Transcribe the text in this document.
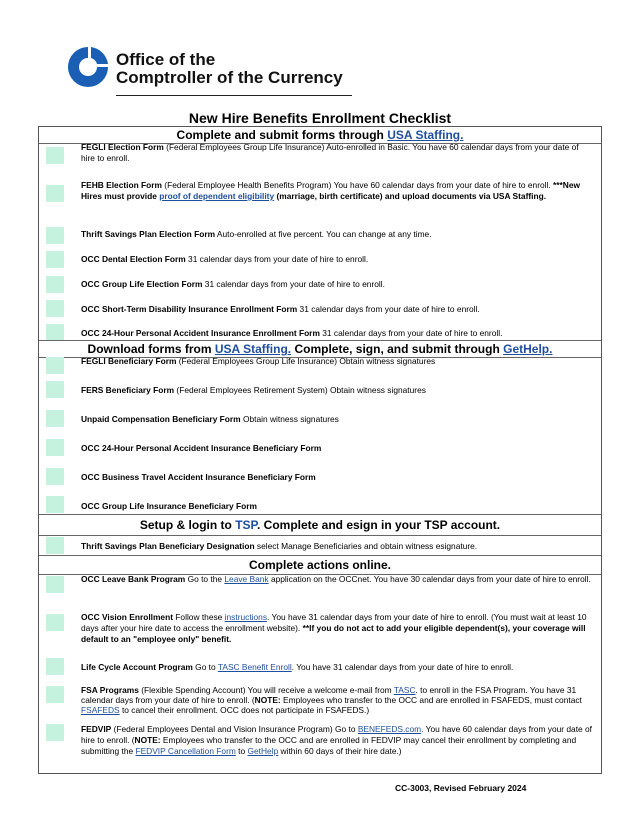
Office of the
Comptroller of the Currency
New Hire Benefits Enrollment Checklist
Complete and submit forms through USA Staffing.
FEGLI Election Form (Federal Employees Group Life Insurance) Auto-enrolled in Basic. You have 60 calendar days from your date of hire to enroll.
FEHB Election Form (Federal Employee Health Benefits Program) You have 60 calendar days from your date of hire to enroll. ***New Hires must provide proof of dependent eligibility (marriage, birth certificate) and upload documents via USA Staffing.
Thrift Savings Plan Election Form Auto-enrolled at five percent. You can change at any time.
OCC Dental Election Form 31 calendar days from your date of hire to enroll.
OCC Group Life Election Form 31 calendar days from your date of hire to enroll.
OCC Short-Term Disability Insurance Enrollment Form 31 calendar days from your date of hire to enroll.
OCC 24-Hour Personal Accident Insurance Enrollment Form 31 calendar days from your date of hire to enroll.
Download forms from USA Staffing. Complete, sign, and submit through GetHelp.
FEGLI Beneficiary Form (Federal Employees Group Life Insurance) Obtain witness signatures
FERS Beneficiary Form (Federal Employees Retirement System) Obtain witness signatures
Unpaid Compensation Beneficiary Form Obtain witness signatures
OCC 24-Hour Personal Accident Insurance Beneficiary Form
OCC Business Travel Accident Insurance Beneficiary Form
OCC Group Life Insurance Beneficiary Form
Setup & login to TSP. Complete and esign in your TSP account.
Thrift Savings Plan Beneficiary Designation select Manage Beneficiaries and obtain witness esignature.
Complete actions online.
OCC Leave Bank Program Go to the Leave Bank application on the OCCnet. You have 30 calendar days from your date of hire to enroll.
OCC Vision Enrollment Follow these instructions. You have 31 calendar days from your date of hire to enroll. (You must wait at least 10 days after your hire date to access the enrollment website). **If you do not act to add your eligible dependent(s), your coverage will default to an "employee only" benefit.
Life Cycle Account Program Go to TASC Benefit Enroll. You have 31 calendar days from your date of hire to enroll.
FSA Programs (Flexible Spending Account) You will receive a welcome e-mail from TASC. to enroll in the FSA Program. You have 31 calendar days from your date of hire to enroll. (NOTE: Employees who transfer to the OCC and are enrolled in FSAFEDS, must contact FSAFEDS to cancel their enrollment. OCC does not participate in FSAFEDS.)
FEDVIP (Federal Employees Dental and Vision Insurance Program) Go to BENEFEDS.com. You have 60 calendar days from your date of hire to enroll. (NOTE: Employees who transfer to the OCC and are enrolled in FEDVIP may cancel their enrollment by completing and submitting the FEDVIP Cancellation Form to GetHelp within 60 days of their hire date.)
CC-3003, Revised February 2024
